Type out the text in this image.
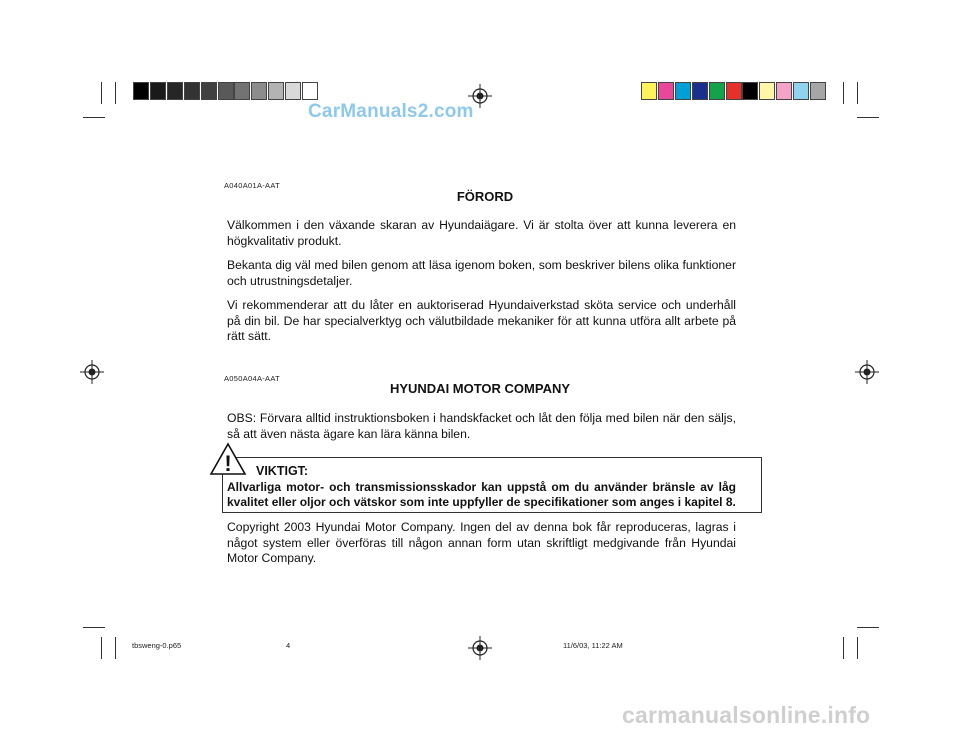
CarManuals2.com
A040A01A-AAT
FÖRORD
Välkommen i den växande skaran av Hyundaiägare. Vi är stolta över att kunna leverera en högkvalitativ produkt.
Bekanta dig väl med bilen genom att läsa igenom boken, som beskriver bilens olika funktioner och utrustningsdetaljer.
Vi rekommenderar att du låter en auktoriserad Hyundaiverkstad sköta service och underhåll på din bil. De har specialverktyg och välutbildade mekaniker för att kunna utföra allt arbete på rätt sätt.
A050A04A-AAT
HYUNDAI MOTOR COMPANY
OBS: Förvara alltid instruktionsboken i handskfacket och låt den följa med bilen när den säljs, så att även nästa ägare kan lära känna bilen.
! VIKTIGT:
Allvarliga motor- och transmissionsskador kan uppstå om du använder bränsle av låg kvalitet eller oljor och vätskor som inte uppfyller de specifikationer som anges i kapitel 8.
Copyright 2003 Hyundai Motor Company. Ingen del av denna bok får reproduceras, lagras i något system eller överföras till någon annan form utan skriftligt medgivande från Hyundai Motor Company.
tbsweng-0.p65	4	11/6/03, 11:22 AM
carmanualsonline.info
